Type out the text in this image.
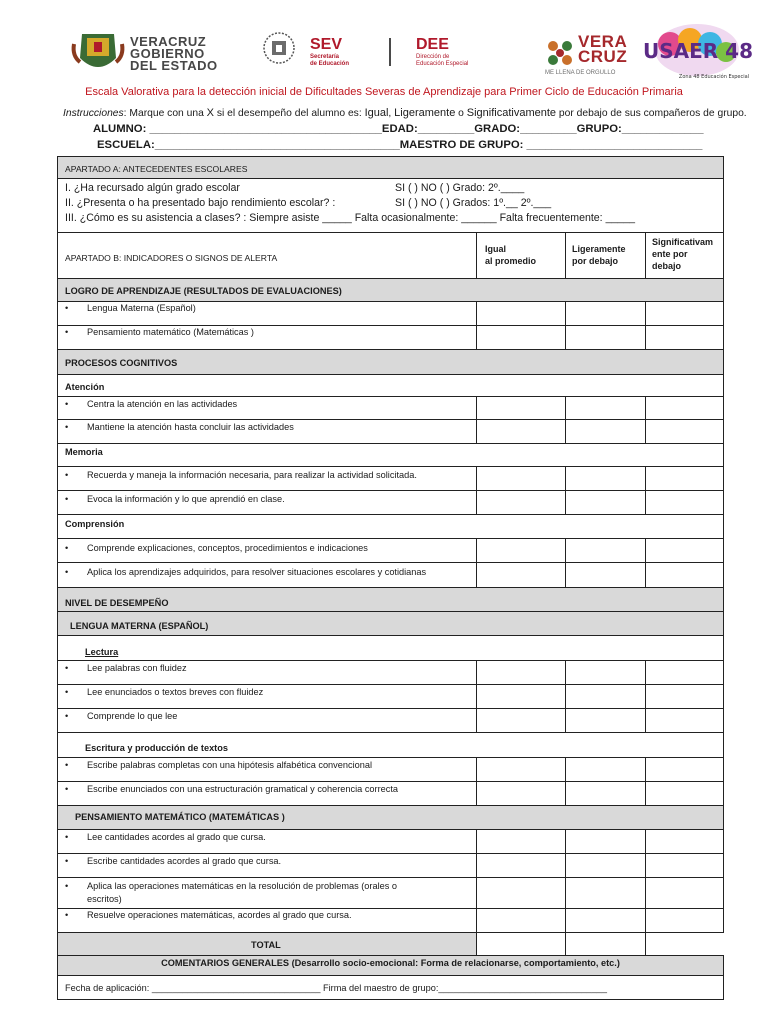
VERACRUZ
GOBIERNO
DEL ESTADO
SEV
Secretaría
de Educación
DEE
Dirección de
Educación Especial
VERA
CRUZ
ME LLENA DE ORGULLO
USAER 48
Zona 48 Educación Especial
Escala Valorativa para la detección inicial de Dificultades Severas de Aprendizaje para Primer Ciclo de Educación Primaria
Instrucciones: Marque con una X si el desempeño del alumno es: Igual, Ligeramente o Significativamente por debajo de sus compañeros de grupo.
ALUMNO: _____________________________________EDAD:_________GRADO:_________GRUPO:_____________
ESCUELA:_______________________________________MAESTRO DE GRUPO: ____________________________
APARTADO A: ANTECEDENTES ESCOLARES
I. ¿Ha recursado algún grado escolar	SI ( ) NO ( ) Grado: 2º.____
II. ¿Presenta o ha presentado bajo rendimiento escolar? :	SI ( ) NO ( ) Grados: 1º.__ 2º.___
III. ¿Cómo es su asistencia a clases? : Siempre asiste _____ Falta ocasionalmente: ______ Falta frecuentemente: _____
APARTADO B: INDICADORES O SIGNOS DE ALERTA
Igual
al promedio
Ligeramente
por debajo
Significativam
ente por
debajo
LOGRO DE APRENDIZAJE (RESULTADOS DE EVALUACIONES)
• Lengua Materna (Español)
• Pensamiento matemático (Matemáticas )
PROCESOS COGNITIVOS
Atención
• Centra la atención en las actividades
• Mantiene la atención hasta concluir las actividades
Memoria
• Recuerda y maneja la información necesaria, para realizar la actividad solicitada.
• Evoca la información y lo que aprendió en clase.
Comprensión
• Comprende explicaciones, conceptos, procedimientos e indicaciones
• Aplica los aprendizajes adquiridos, para resolver situaciones escolares y cotidianas
NIVEL DE DESEMPEÑO
LENGUA MATERNA (ESPAÑOL)
Lectura
• Lee palabras con fluidez
• Lee enunciados o textos breves con fluidez
• Comprende lo que lee
Escritura y producción de textos
• Escribe palabras completas con una hipótesis alfabética convencional
• Escribe enunciados con una estructuración gramatical y coherencia correcta
PENSAMIENTO MATEMÁTICO (MATEMÁTICAS )
• Lee cantidades acordes al grado que cursa.
• Escribe cantidades acordes al grado que cursa.
• Aplica las operaciones matemáticas en la resolución de problemas (orales o
escritos)
• Resuelve operaciones matemáticas, acordes al grado que cursa.
TOTAL
COMENTARIOS GENERALES (Desarrollo socio-emocional: Forma de relacionarse, comportamiento, etc.)
Fecha de aplicación: _________________________________ Firma del maestro de grupo:_________________________________
